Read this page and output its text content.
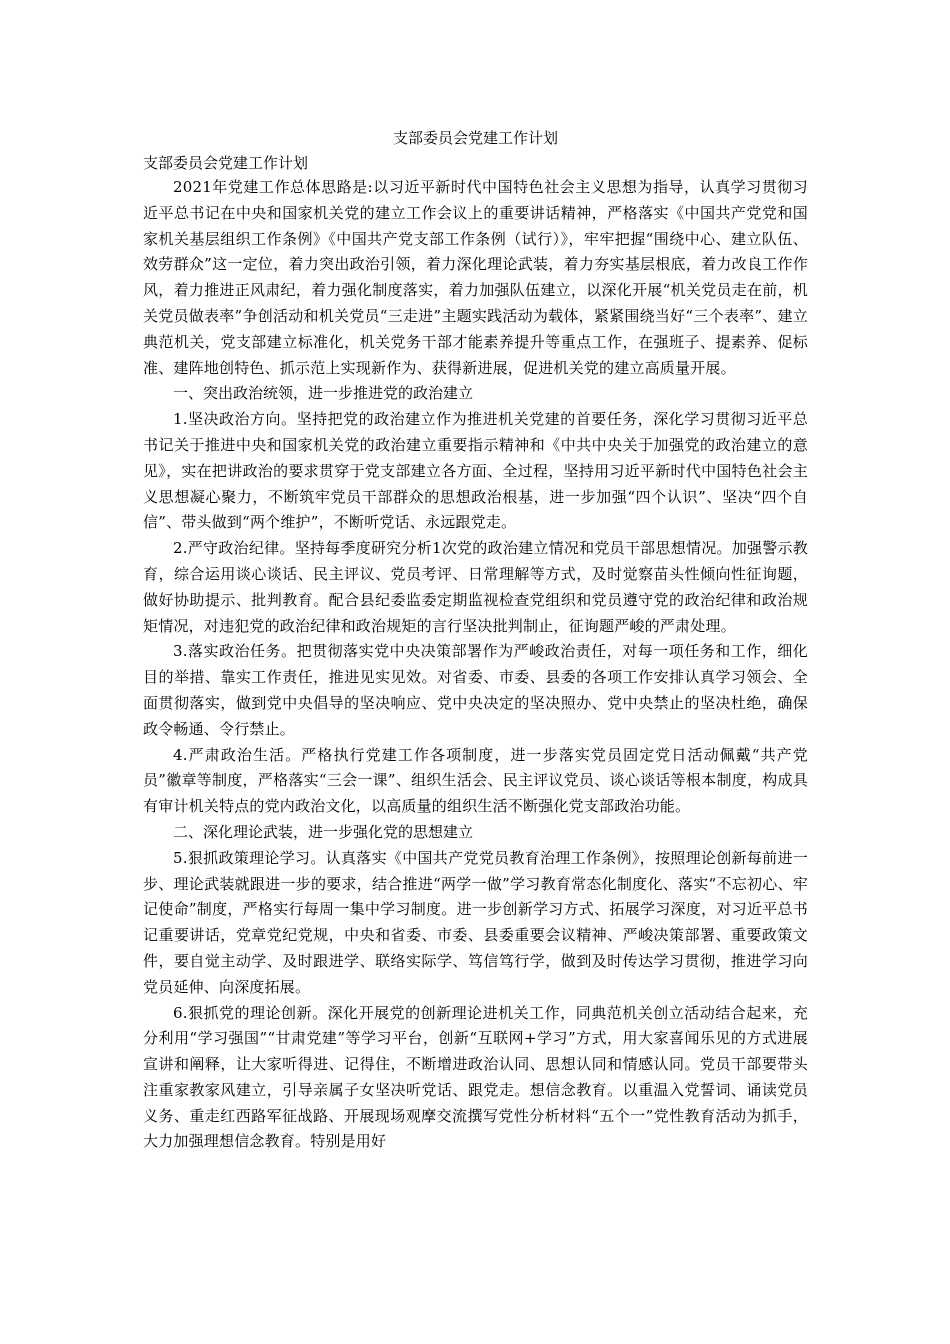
支部委员会党建工作计划

支部委员会党建工作计划

2021年党建工作总体思路是:以习近平新时代中国特色社会主义思想为指导，认真学习贯彻习近平总书记在中央和国家机关党的建立工作会议上的重要讲话精神，严格落实《中国共产党党和国家机关基层组织工作条例》《中国共产党支部工作条例（试行）》，牢牢把握“围绕中心、建立队伍、效劳群众”这一定位，着力突出政治引领，着力深化理论武装，着力夯实基层根底，着力改良工作作风，着力推进正风肃纪，着力强化制度落实，着力加强队伍建立，以深化开展“机关党员走在前，机关党员做表率”争创活动和机关党员“三走进”主题实践活动为载体，紧紧围绕当好“三个表率”、建立典范机关，党支部建立标准化，机关党务干部才能素养提升等重点工作，在强班子、提素养、促标准、建阵地创特色、抓示范上实现新作为、获得新进展，促进机关党的建立高质量开展。

一、突出政治统领，进一步推进党的政治建立

1.坚决政治方向。坚持把党的政治建立作为推进机关党建的首要任务，深化学习贯彻习近平总书记关于推进中央和国家机关党的政治建立重要指示精神和《中共中央关于加强党的政治建立的意见》，实在把讲政治的要求贯穿于党支部建立各方面、全过程，坚持用习近平新时代中国特色社会主义思想凝心聚力，不断筑牢党员干部群众的思想政治根基，进一步加强“四个认识”、坚决“四个自信”、带头做到“两个维护”，不断听党话、永远跟党走。

2.严守政治纪律。坚持每季度研究分析1次党的政治建立情况和党员干部思想情况。加强警示教育，综合运用谈心谈话、民主评议、党员考评、日常理解等方式，及时觉察苗头性倾向性征询题，做好协助提示、批判教育。配合县纪委监委定期监视检查党组织和党员遵守党的政治纪律和政治规矩情况，对违犯党的政治纪律和政治规矩的言行坚决批判制止，征询题严峻的严肃处理。

3.落实政治任务。把贯彻落实党中央决策部署作为严峻政治责任，对每一项任务和工作，细化目的举措、靠实工作责任，推进见实见效。对省委、市委、县委的各项工作安排认真学习领会、全面贯彻落实，做到党中央倡导的坚决响应、党中央决定的坚决照办、党中央禁止的坚决杜绝，确保政令畅通、令行禁止。

4.严肃政治生活。严格执行党建工作各项制度，进一步落实党员固定党日活动佩戴“共产党员”徽章等制度，严格落实“三会一课”、组织生活会、民主评议党员、谈心谈话等根本制度，构成具有审计机关特点的党内政治文化，以高质量的组织生活不断强化党支部政治功能。

二、深化理论武装，进一步强化党的思想建立

5.狠抓政策理论学习。认真落实《中国共产党党员教育治理工作条例》，按照理论创新每前进一步、理论武装就跟进一步的要求，结合推进“两学一做”学习教育常态化制度化、落实“不忘初心、牢记使命”制度，严格实行每周一集中学习制度。进一步创新学习方式、拓展学习深度，对习近平总书记重要讲话，党章党纪党规，中央和省委、市委、县委重要会议精神、严峻决策部署、重要政策文件，要自觉主动学、及时跟进学、联络实际学、笃信笃行学，做到及时传达学习贯彻，推进学习向党员延伸、向深度拓展。

6.狠抓党的理论创新。深化开展党的创新理论进机关工作，同典范机关创立活动结合起来，充分利用“学习强国”“甘肃党建”等学习平台，创新“互联网+学习”方式，用大家喜闻乐见的方式进展宣讲和阐释，让大家听得进、记得住，不断增进政治认同、思想认同和情感认同。党员干部要带头注重家教家风建立，引导亲属子女坚决听党话、跟党走。想信念教育。以重温入党誓词、诵读党员义务、重走红西路军征战路、开展现场观摩交流撰写党性分析材料“五个一”党性教育活动为抓手，大力加强理想信念教育。特别是用好
